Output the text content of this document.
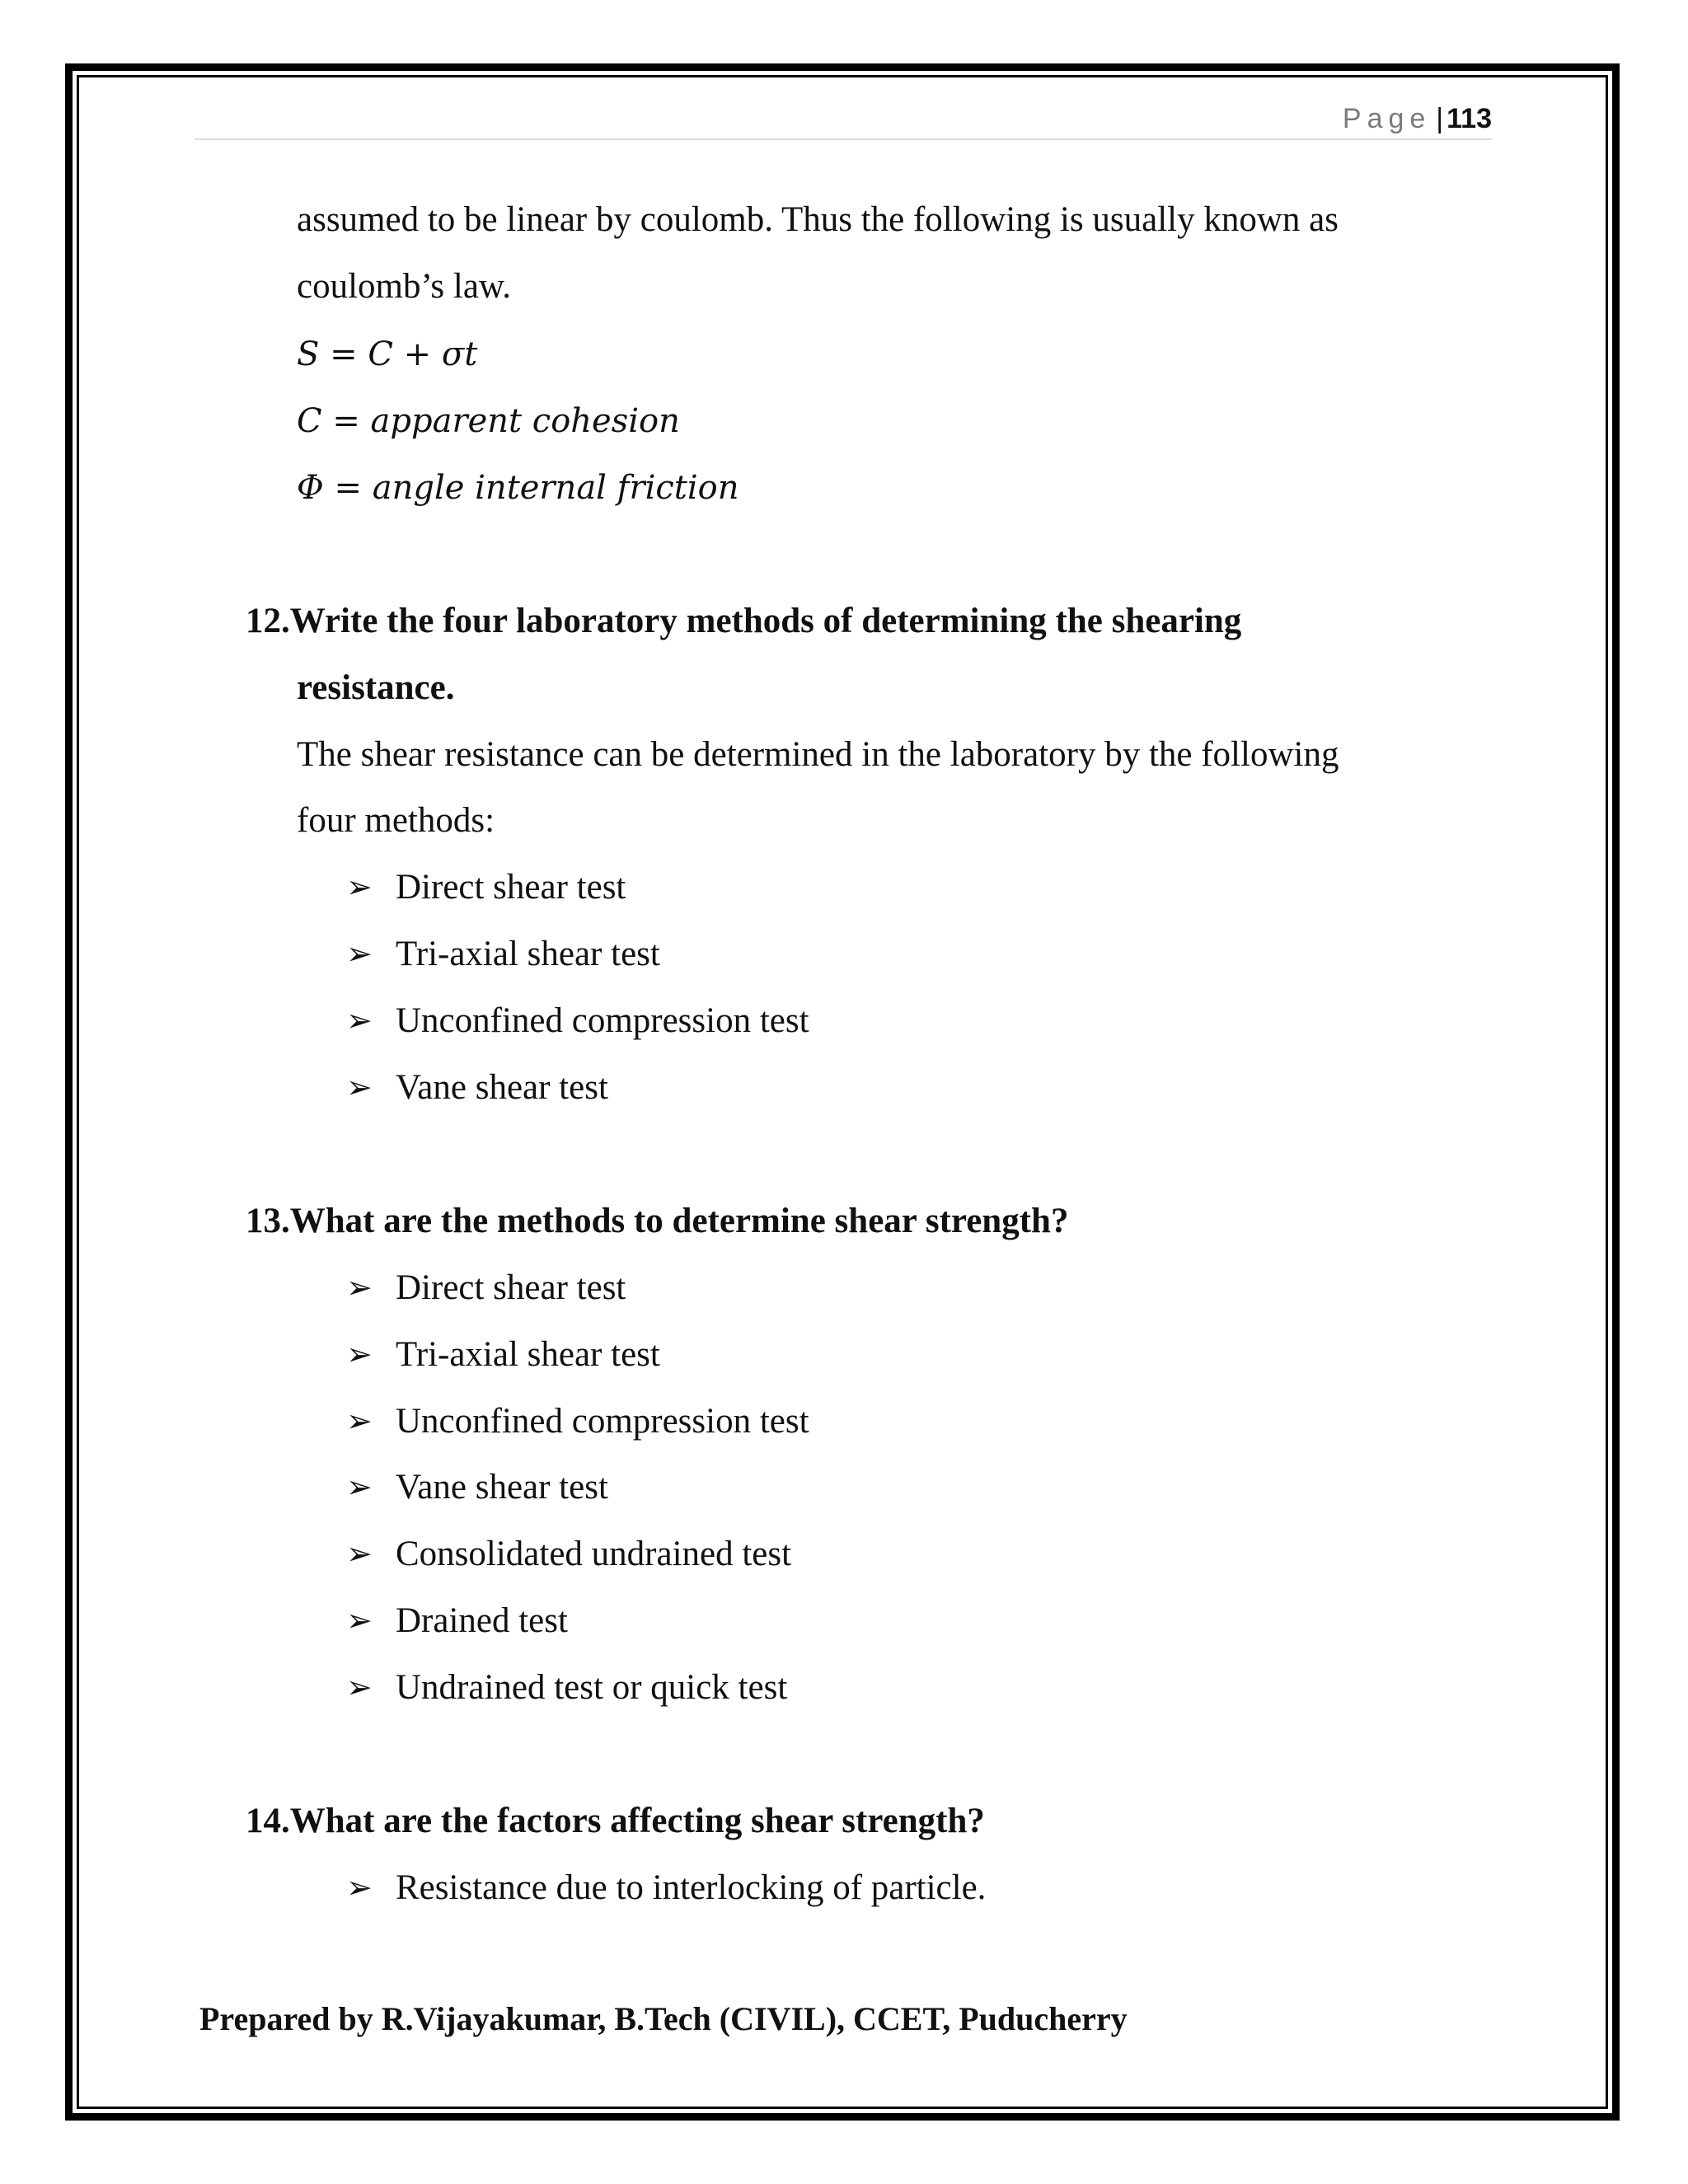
Page | 113
assumed to be linear by coulomb. Thus the following is usually known as
coulomb’s law.
S = C + σt
C = apparent cohesion
Φ = angle internal friction
12.Write the four laboratory methods of determining the shearing
resistance.
The shear resistance can be determined in the laboratory by the following
four methods:
➢ Direct shear test
➢ Tri-axial shear test
➢ Unconfined compression test
➢ Vane shear test
13.What are the methods to determine shear strength?
➢ Direct shear test
➢ Tri-axial shear test
➢ Unconfined compression test
➢ Vane shear test
➢ Consolidated undrained test
➢ Drained test
➢ Undrained test or quick test
14.What are the factors affecting shear strength?
➢ Resistance due to interlocking of particle.
Prepared by R.Vijayakumar, B.Tech (CIVIL), CCET, Puducherry
